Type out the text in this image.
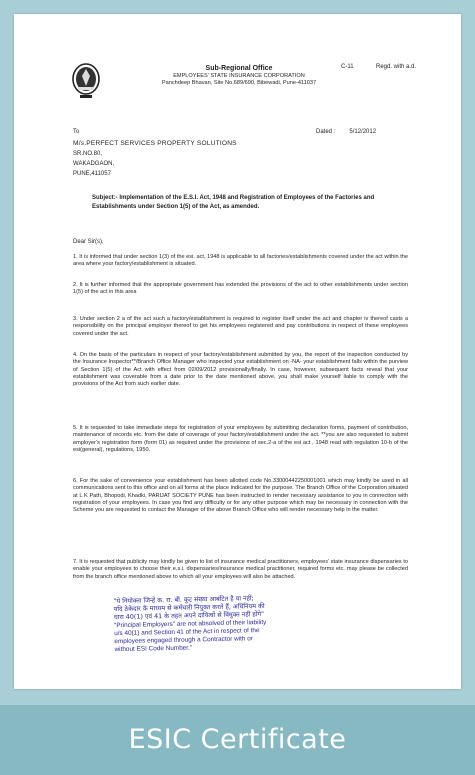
Sub-Regional Office
EMPLOYEES' STATE INSURANCE CORPORATION
Panchdeep Bhavan, Site No.689/690, Bibewadi, Pune-411037
C-11	Regd. with a.d.
To	Dated : 5/12/2012
M/s.PERFECT SERVICES PROPERTY SOLUTIONS
SR.NO.80,
WAKADGAON,
PUNE,411057
Subject:- Implementation of the E.S.I. Act, 1948 and Registration of Employees of the Factories and Establishments under Section 1(5) of the Act, as amended.
Dear Sir(s),
1. It is informed that under section 1(3) of the esi. act, 1948 is applicable to all factories/establishments covered under the act within the area where your factory/establishment is situated.
2. It is further informed that the appropriate government has extended the provisions of the act to other establishments under section 1(5) of the act in this area
3. Under section 2 a of the act such a factory/establishment is required to register itself under the act and chapter iv thereof casts a responsibility on the principal employer thereof to get his employees registered and pay contributions in respect of these employees covered under the act.
4. On the basis of the particulars in respect of your factory/establishment submitted by you, the report of the inspection conducted by the Insurance Inspector**/Branch Office Manager who inspected your establishment on -NA- your establishment falls within the purview of Section 1(5) of the Act with effect from 02/09/2012 provisionally/finally. In case, however, subsequent facts reveal that your establishment was coverable from a date prior to the date mentioned above, you shall make yourself liable to comply with the provisions of the Act from such earlier date.
5. It is requested to take immediate steps for registration of your employees by submitting declaration forms, payment of contribution, maintenance of records etc. from the date of coverage of your factory/establishment under the act. **you are also requested to submit employer's registration form (form 01) as required under the provisions of sec.2-a of the esi act , 1948 read with regulation 10-b of the esi(general), regulations, 1950.
6. For the sake of convenience your establishment has been allotted code No.33000442250001001 which may kindly be used in all communications sent to this office and on all forms at the place indicated for the purpose. The Branch Office of the Corporation situated at L K Path, Bhopodi, Khadki, PARIJAT SOCIETY PUNE has been instructed to render necessary assistance to you in connection with registration of your employees. In case you find any difficulty or for any other purpose which may be necessary in connection with the Scheme you are requested to contact the Manager of the above Branch Office who will render necessary help in the matter.
7. It is requested that publicity may kindly be given to list of insurance medical practitioners, employees' state insurance dispensaries to enable your employees to choose their e.s.i. dispensaries/insurance medical practitioner, required forms etc. may please be collected from the branch office mentioned above to which all your employees will also be attached.
"ये नियोक्ता जिन्हें क. रा. बी. कूट संख्या आबंटित है या नहीं;
यदि ठेकेदार के माध्यम से कर्मचारी नियुक्त करते हैं, अधिनियम की
धारा 40(1) एवं 41 के तहत अपने दायित्वों से विमुक्त नहीं होंगे"
"Principal Employers" are not absolved of their liability
u/s 40(1) and Section 41 of the Act in respect of the
employees engaged through a Contractor with or
without ESI Code Number."
ESIC Certificate
